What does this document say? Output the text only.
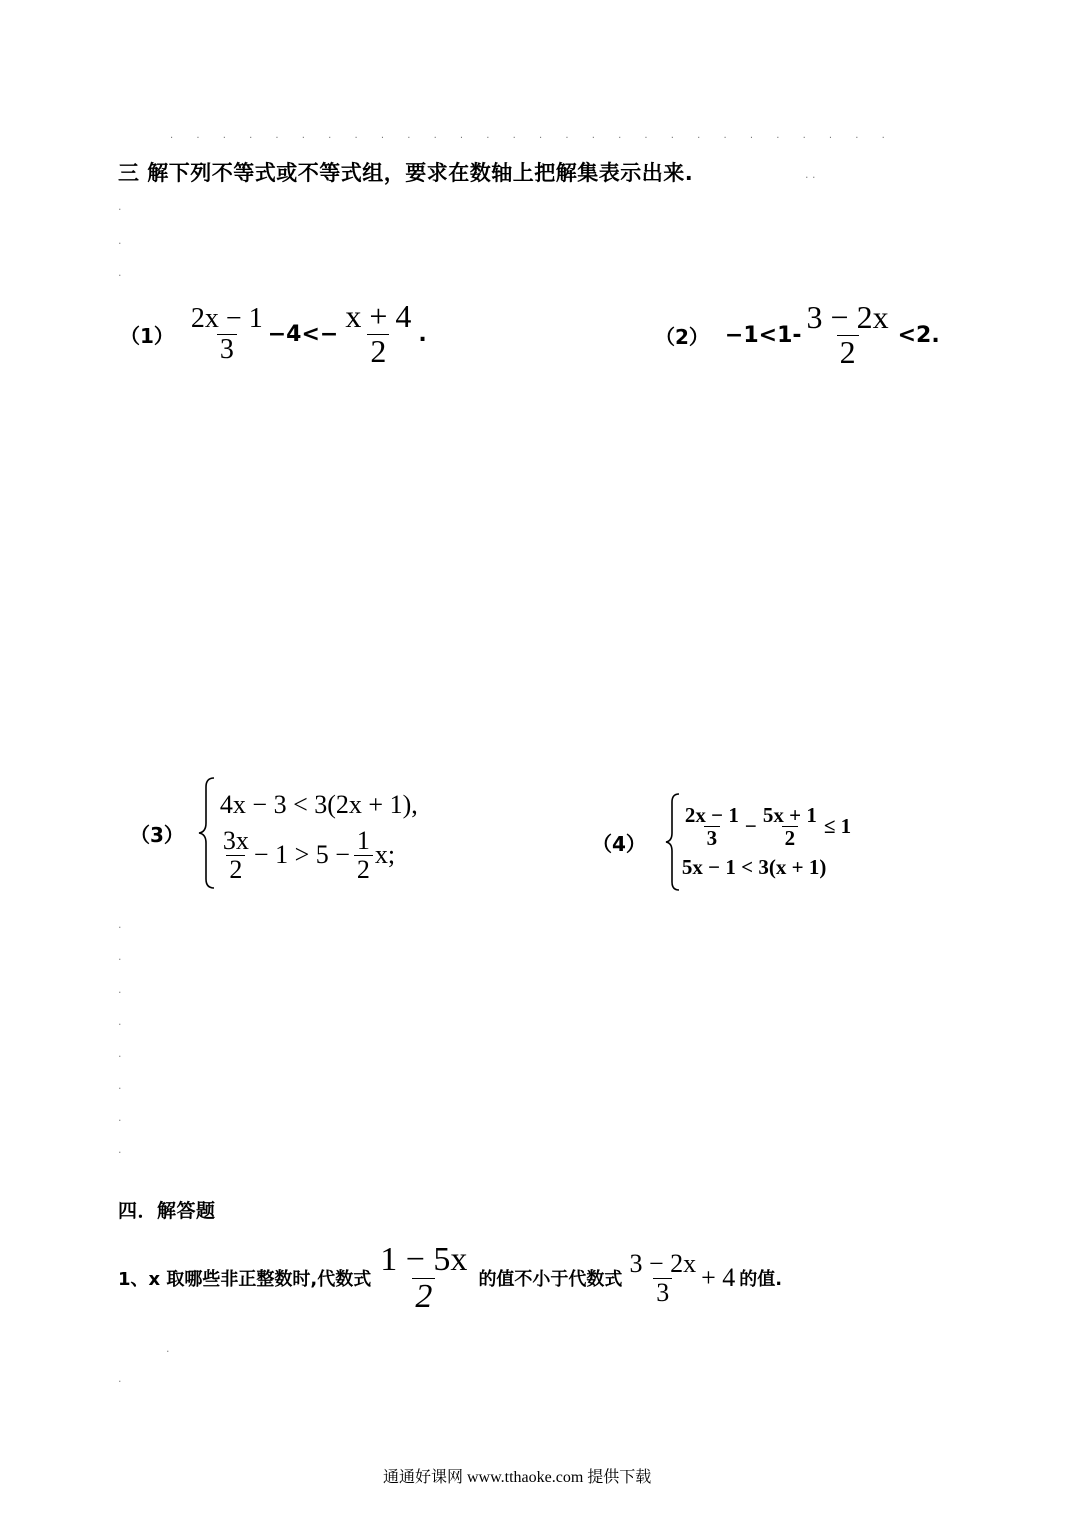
. . . . . . . . . . . . . . . . . . . . . . . . . . . .
三 解下列不等式或不等式组，要求在数轴上把解集表示出来.	. .
.
.
.
$(1) \frac{2x - 1}{3} -4<- \frac{x + 4}{2}$ .	$(2) -1<1- \frac{3 - 2x}{2} <2$.
（3）
4x − 3 < 3(2x + 1),
$\frac{3x}{2} - 1 > 5 - \frac{1}{2} x$;	$(4) \frac{2x - 1}{3} - \frac{5x + 1}{2} \le 1$
5x − 1 < 3(x + 1)
.
.
.
.
.
.
.
.
四．解答题
1、x 取哪些非正整数时,代数式 $\frac{1 - 5x}{2}$ 的值不小于代数式 $\frac{3 - 2x}{3} + 4$ 的值.
.
.
通通好课网 www.tthaoke.com 提供下载
